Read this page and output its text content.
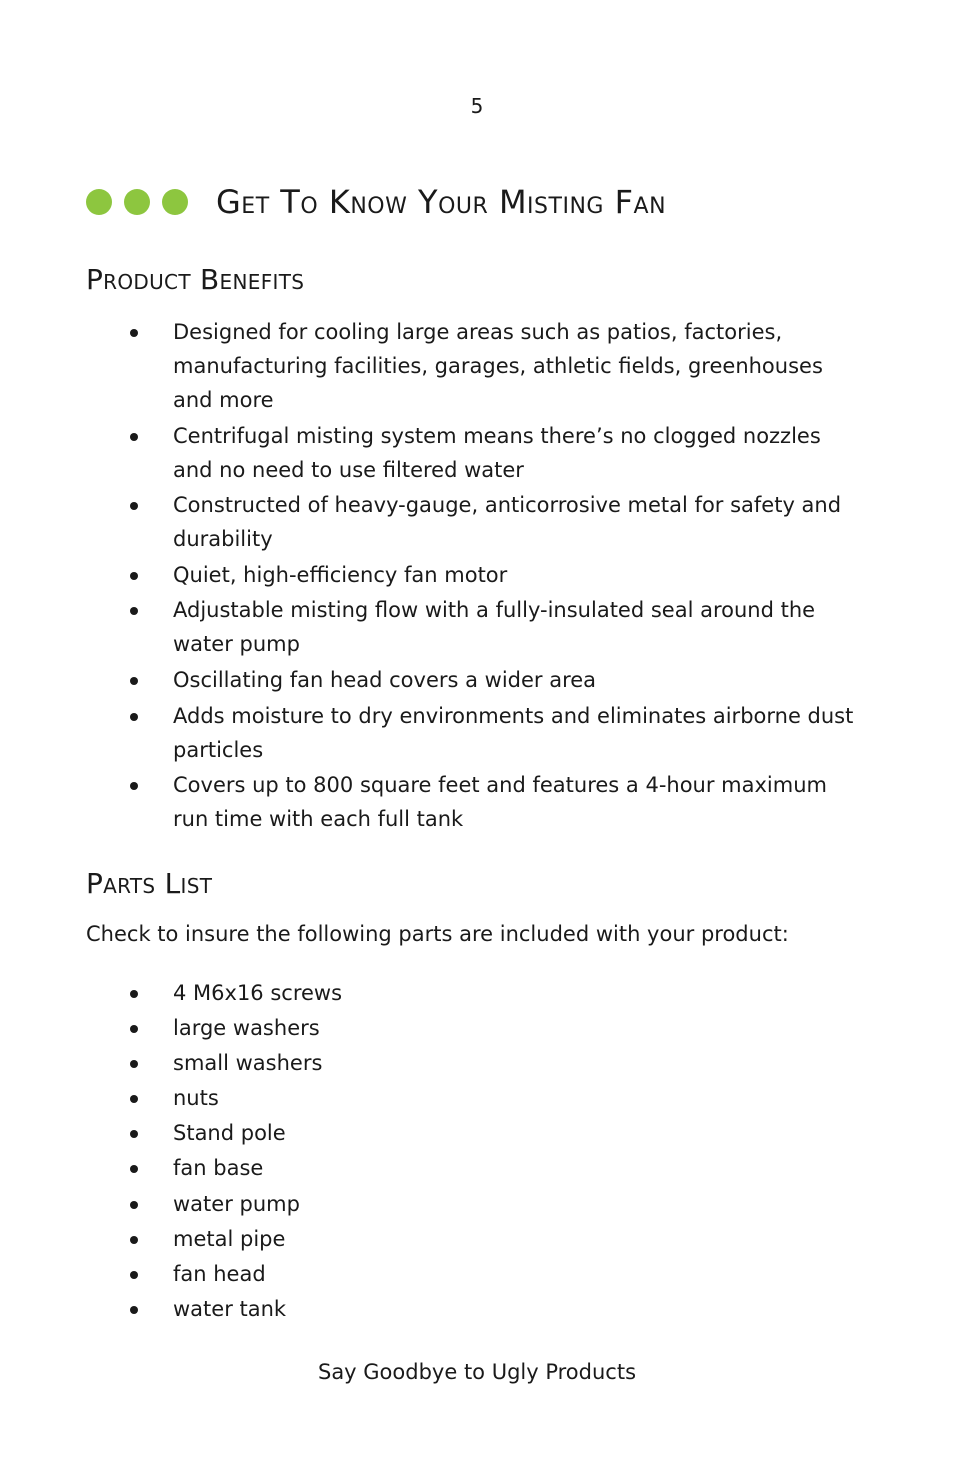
5
Get To Know Your Misting Fan
Product Benefits
Designed for cooling large areas such as patios, factories, manufacturing facilities, garages, athletic fields, greenhouses and more
Centrifugal misting system means there’s no clogged nozzles and no need to use filtered water
Constructed of heavy-gauge, anticorrosive metal for safety and durability
Quiet, high-efficiency fan motor
Adjustable misting flow with a fully-insulated seal around the water pump
Oscillating fan head covers a wider area
Adds moisture to dry environments and eliminates airborne dust particles
Covers up to 800 square feet and features a 4-hour maximum run time with each full tank
Parts List
Check to insure the following parts are included with your product:
4 M6x16 screws
large washers
small washers
nuts
Stand pole
fan base
water pump
metal pipe
fan head
water tank
Say Goodbye to Ugly Products
